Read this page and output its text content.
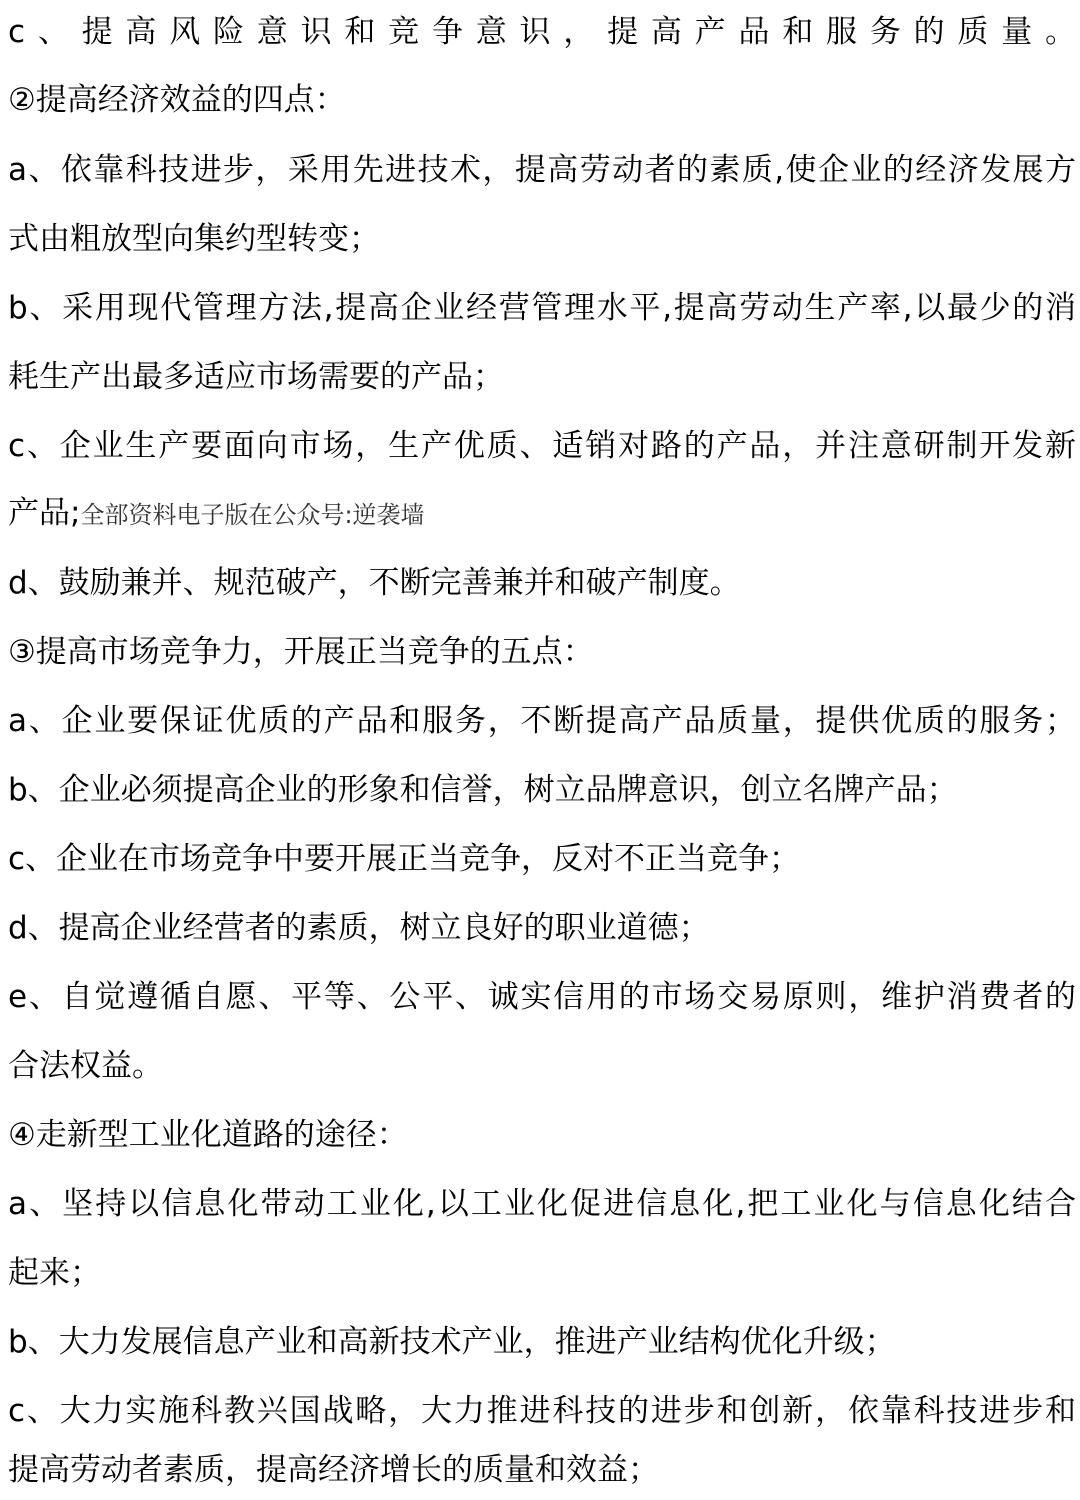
c、提高风险意识和竞争意识，提高产品和服务的质量。
②提高经济效益的四点：
a、依靠科技进步，采用先进技术，提高劳动者的素质,使企业的经济发展方
式由粗放型向集约型转变；
b、采用现代管理方法,提高企业经营管理水平,提高劳动生产率,以最少的消
耗生产出最多适应市场需要的产品；
c、企业生产要面向市场，生产优质、适销对路的产品，并注意研制开发新
产品;全部资料电子版在公众号:逆袭墙
d、鼓励兼并、规范破产，不断完善兼并和破产制度。
③提高市场竞争力，开展正当竞争的五点：
a、企业要保证优质的产品和服务，不断提高产品质量，提供优质的服务；
b、企业必须提高企业的形象和信誉，树立品牌意识，创立名牌产品；
c、企业在市场竞争中要开展正当竞争，反对不正当竞争；
d、提高企业经营者的素质，树立良好的职业道德；
e、自觉遵循自愿、平等、公平、诚实信用的市场交易原则，维护消费者的
合法权益。
④走新型工业化道路的途径：
a、坚持以信息化带动工业化,以工业化促进信息化,把工业化与信息化结合
起来；
b、大力发展信息产业和高新技术产业，推进产业结构优化升级；
c、大力实施科教兴国战略，大力推进科技的进步和创新，依靠科技进步和
提高劳动者素质，提高经济增长的质量和效益；
